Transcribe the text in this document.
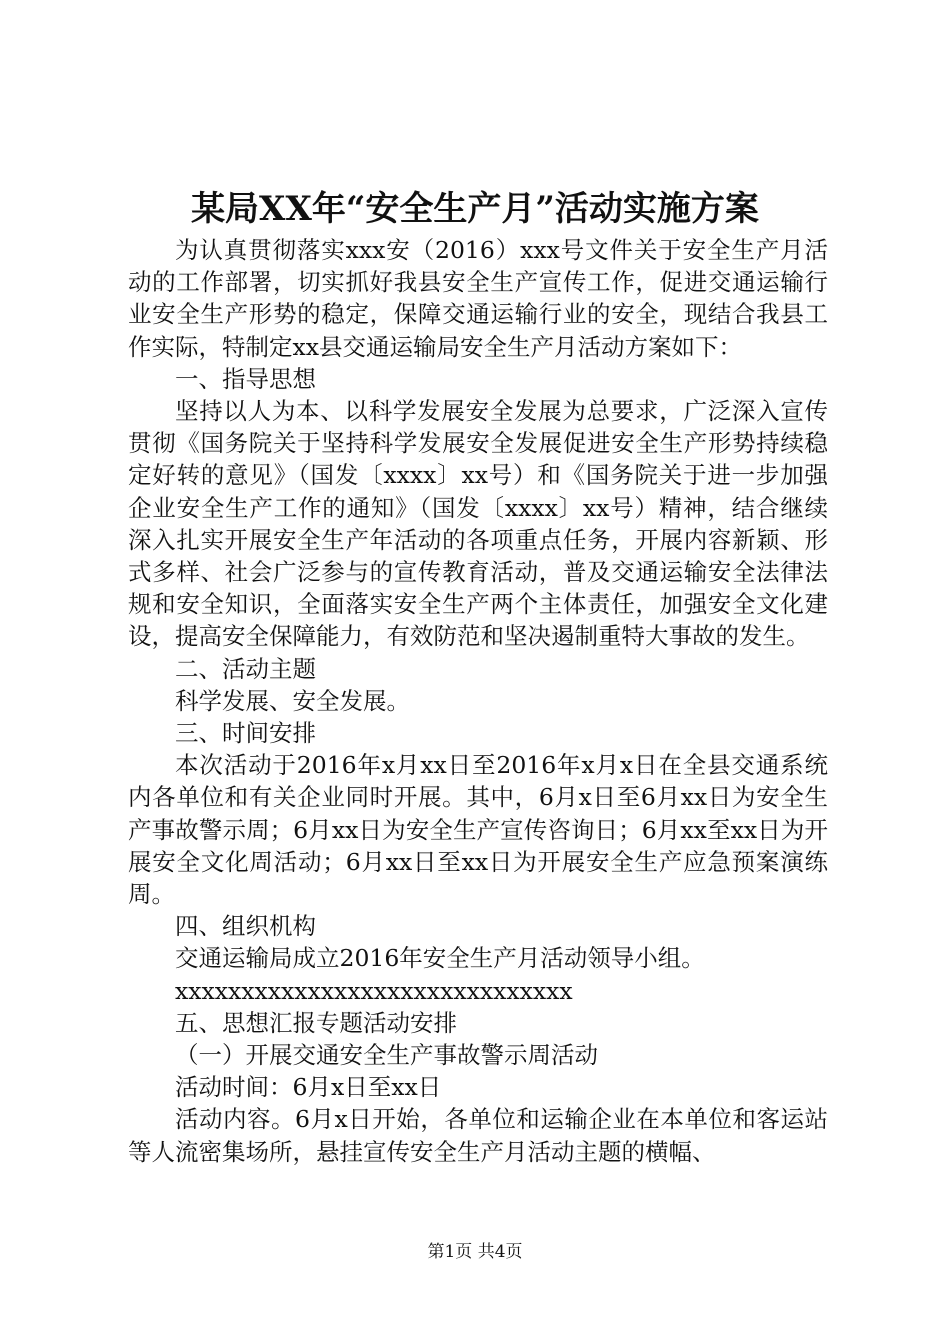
某局XX年“安全生产月”活动实施方案

为认真贯彻落实xxx安（2016）xxx号文件关于安全生产月活动的工作部署，切实抓好我县安全生产宣传工作，促进交通运输行业安全生产形势的稳定，保障交通运输行业的安全，现结合我县工作实际，特制定xx县交通运输局安全生产月活动方案如下：

一、指导思想

坚持以人为本、以科学发展安全发展为总要求，广泛深入宣传贯彻《国务院关于坚持科学发展安全发展促进安全生产形势持续稳定好转的意见》（国发〔xxxx〕xx号）和《国务院关于进一步加强企业安全生产工作的通知》（国发〔xxxx〕xx号）精神，结合继续深入扎实开展安全生产年活动的各项重点任务，开展内容新颖、形式多样、社会广泛参与的宣传教育活动，普及交通运输安全法律法规和安全知识，全面落实安全生产两个主体责任，加强安全文化建设，提高安全保障能力，有效防范和坚决遏制重特大事故的发生。

二、活动主题

科学发展、安全发展。

三、时间安排

本次活动于2016年x月xx日至2016年x月x日在全县交通系统内各单位和有关企业同时开展。其中，6月x日至6月xx日为安全生产事故警示周；6月xx日为安全生产宣传咨询日；6月xx至xx日为开展安全文化周活动；6月xx日至xx日为开展安全生产应急预案演练周。

四、组织机构

交通运输局成立2016年安全生产月活动领导小组。

xxxxxxxxxxxxxxxxxxxxxxxxxxxxxx

五、思想汇报专题活动安排

（一）开展交通安全生产事故警示周活动

活动时间：6月x日至xx日

活动内容。6月x日开始，各单位和运输企业在本单位和客运站等人流密集场所，悬挂宣传安全生产月活动主题的横幅、

第1页 共4页
